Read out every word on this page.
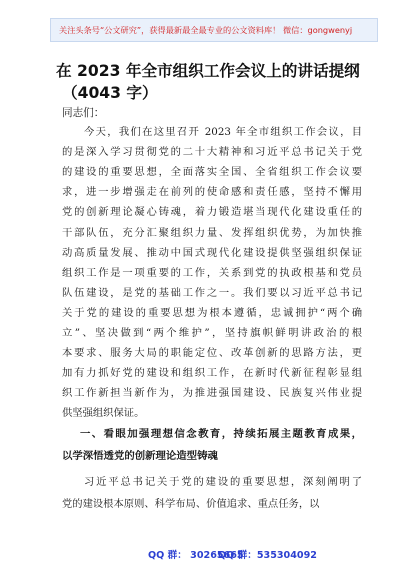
关注头条号“公文研究”，获得最新最全最专业的公文资料库！ 微信：gongwenyj
在 2023 年全市组织工作会议上的讲话提纲
（4043 字）
同志们：
今天，我们在这里召开 2023 年全市组织工作会议，目
的是深入学习贯彻党的二十大精神和习近平总书记关于党
的建设的重要思想，全面落实全国、全省组织工作会议要
求，进一步增强走在前列的使命感和责任感，坚持不懈用
党的创新理论凝心铸魂，着力锻造堪当现代化建设重任的
干部队伍，充分汇聚组织力量、发挥组织优势，为加快推
动高质量发展、推动中国式现代化建设提供坚强组织保证
组织工作是一项重要的工作，关系到党的执政根基和党员
队伍建设，是党的基础工作之一。我们要以习近平总书记
关于党的建设的重要思想为根本遵循，忠诚拥护“两个确
立”、坚决做到“两个维护”，坚持旗帜鲜明讲政治的根
本要求、服务大局的职能定位、改革创新的思路方法，更
加有力抓好党的建设和组织工作，在新时代新征程彰显组
织工作新担当新作为，为推进强国建设、民族复兴伟业提
供坚强组织保证。
一、看眼加强理想信念教育，持续拓展主题教育成果，
以学深悟透党的创新理论造型铸魂
习近平总书记关于党的建设的重要思想，深刻阐明了
党的建设根本原则、科学布局、价值追求、重点任务，以
QQ 群： 30265665
QQ 群：535304092
